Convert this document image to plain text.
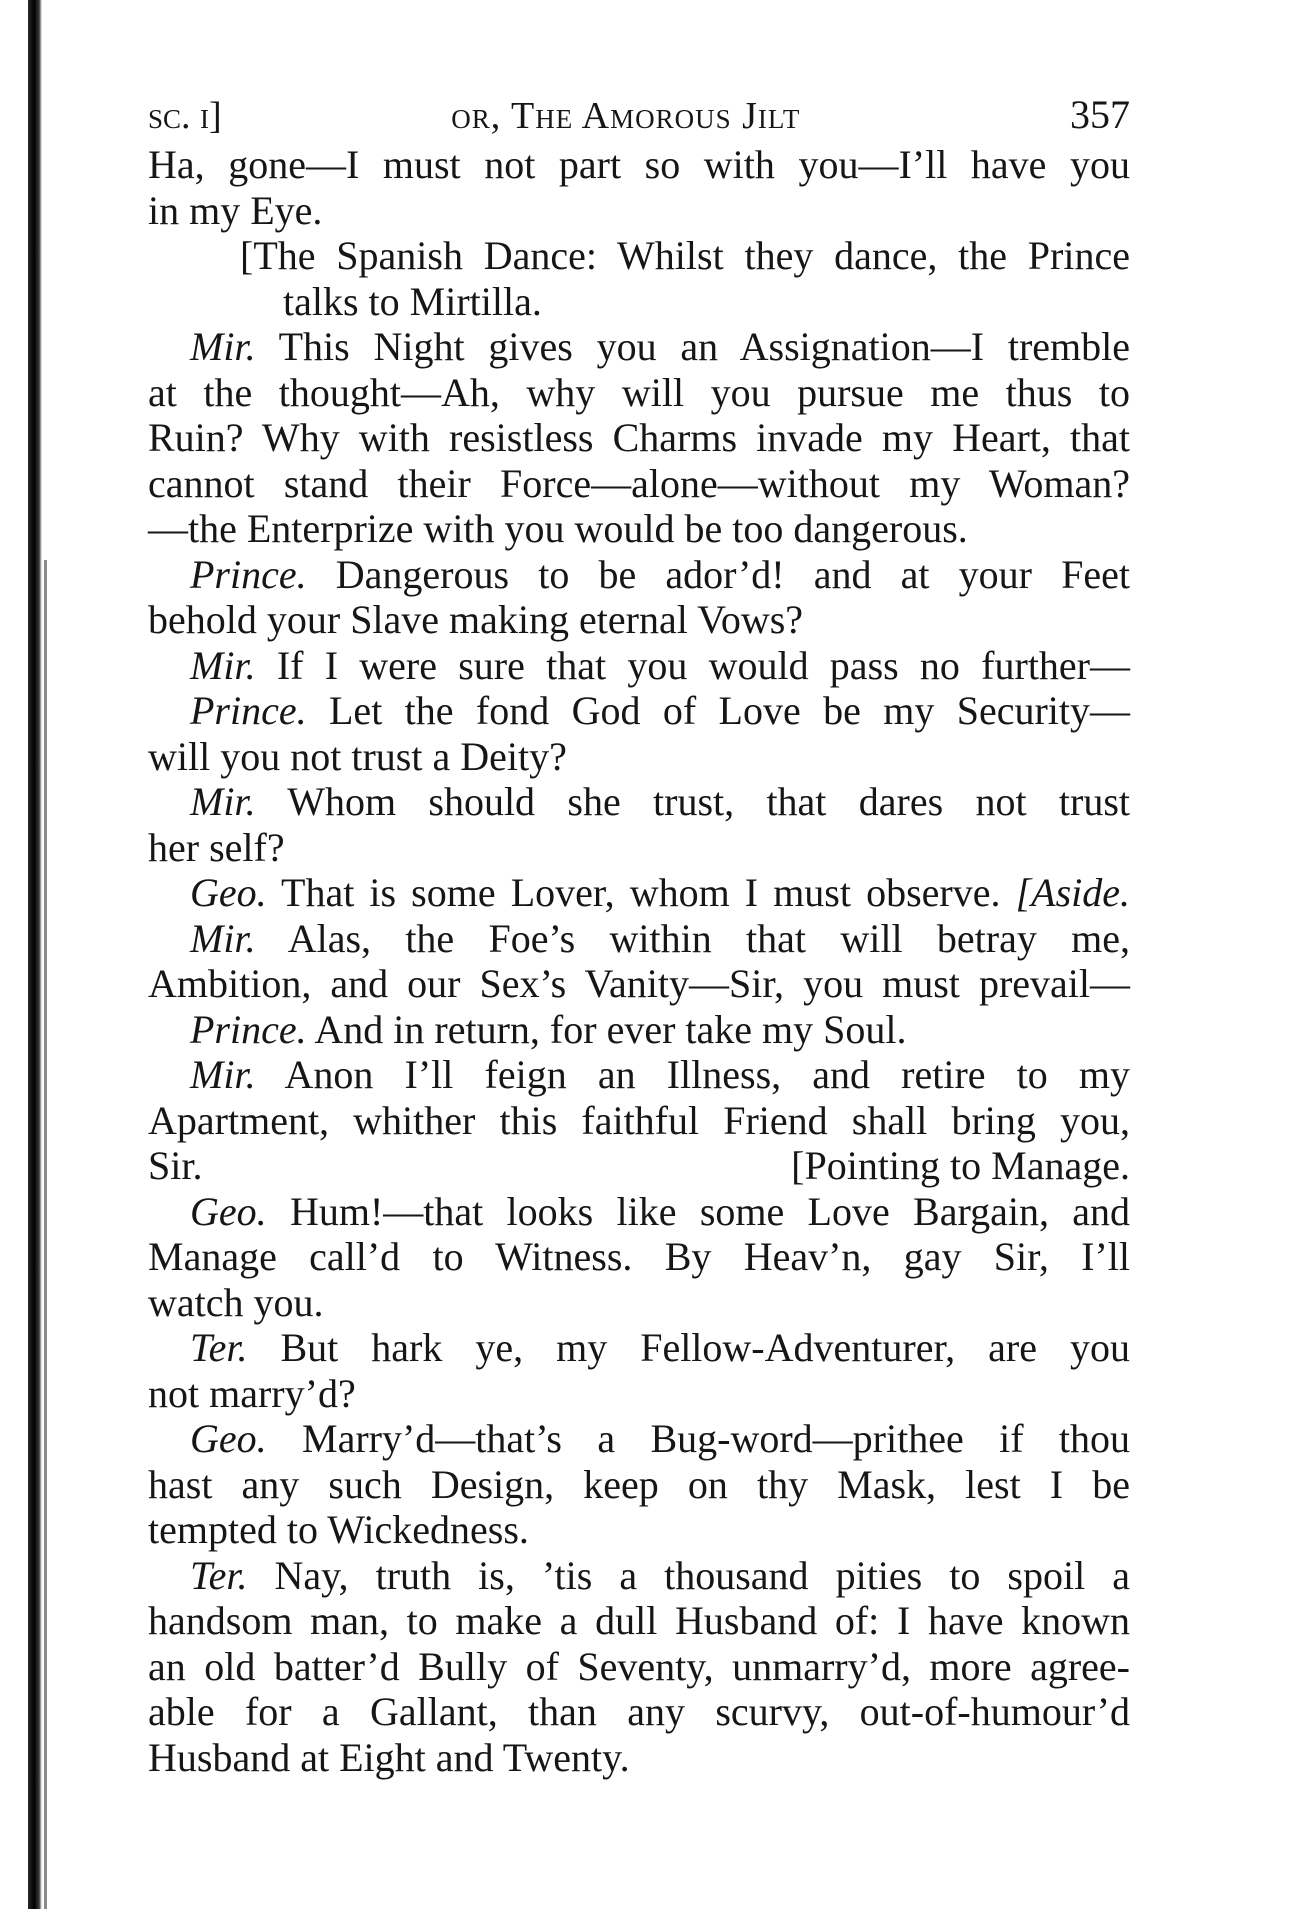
sc. i]	or, The Amorous Jilt	357

Ha, gone—I must not part so with you—I’ll have you

in my Eye.

[The Spanish Dance: Whilst they dance, the Prince

talks to Mirtilla.

Mir. This Night gives you an Assignation—I tremble

at the thought—Ah, why will you pursue me thus to

Ruin? Why with resistless Charms invade my Heart, that

cannot stand their Force—alone—without my Woman?

—the Enterprize with you would be too dangerous.

Prince. Dangerous to be ador’d! and at your Feet

behold your Slave making eternal Vows?

Mir. If I were sure that you would pass no further—

Prince. Let the fond God of Love be my Security—

will you not trust a Deity?

Mir. Whom should she trust, that dares not trust

her self?

Geo. That is some Lover, whom I must observe. [Aside.

Mir. Alas, the Foe’s within that will betray me,

Ambition, and our Sex’s Vanity—Sir, you must prevail—

Prince. And in return, for ever take my Soul.

Mir. Anon I’ll feign an Illness, and retire to my

Apartment, whither this faithful Friend shall bring you,

Sir.	[Pointing to Manage.

Geo. Hum!—that looks like some Love Bargain, and

Manage call’d to Witness. By Heav’n, gay Sir, I’ll

watch you.

Ter. But hark ye, my Fellow-Adventurer, are you

not marry’d?

Geo. Marry’d—that’s a Bug-word—prithee if thou

hast any such Design, keep on thy Mask, lest I be

tempted to Wickedness.

Ter. Nay, truth is, ’tis a thousand pities to spoil a

handsom man, to make a dull Husband of: I have known

an old batter’d Bully of Seventy, unmarry’d, more agree-

able for a Gallant, than any scurvy, out-of-humour’d

Husband at Eight and Twenty.
